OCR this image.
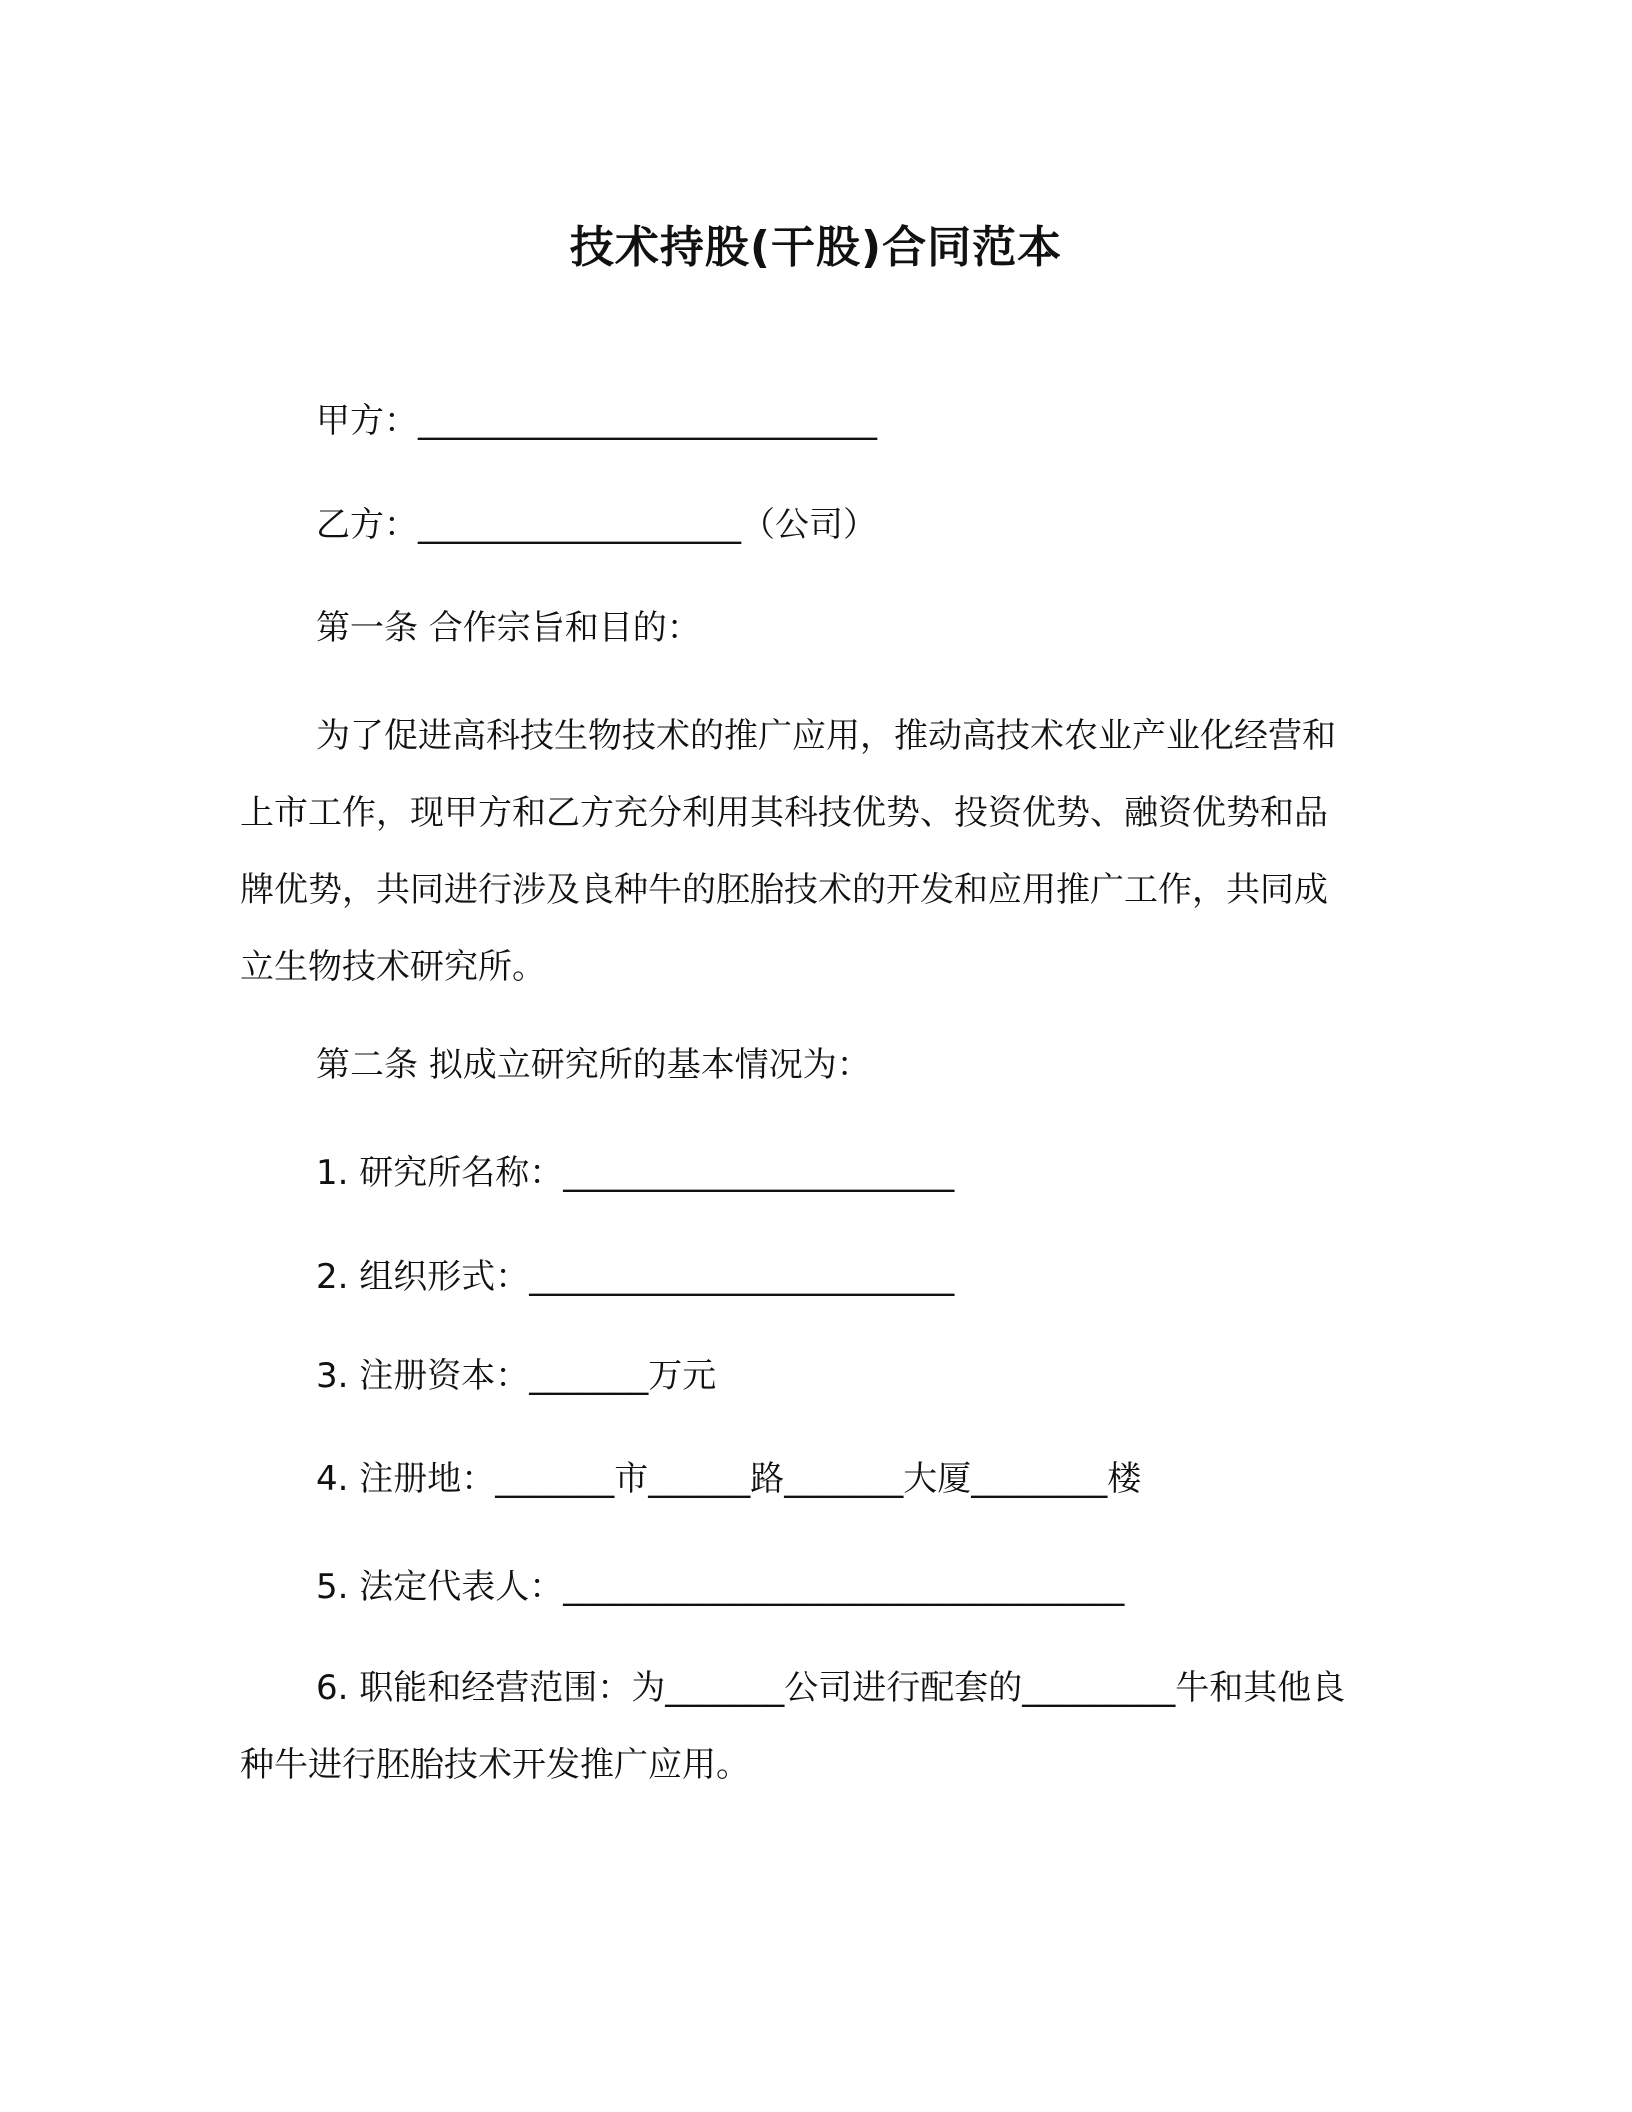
技术持股(干股)合同范本
甲方：___________________________
乙方：___________________（公司）
第一条 合作宗旨和目的：
为了促进高科技生物技术的推广应用，推动高技术农业产业化经营和上市工作，现甲方和乙方充分利用其科技优势、投资优势、融资优势和品牌优势，共同进行涉及良种牛的胚胎技术的开发和应用推广工作，共同成立生物技术研究所。
第二条 拟成立研究所的基本情况为：
1. 研究所名称：_______________________
2. 组织形式：_________________________
3. 注册资本：_______万元
4. 注册地：_______市______路_______大厦________楼
5. 法定代表人：_________________________________
6. 职能和经营范围：为_______公司进行配套的_________牛和其他良种牛进行胚胎技术开发推广应用。
